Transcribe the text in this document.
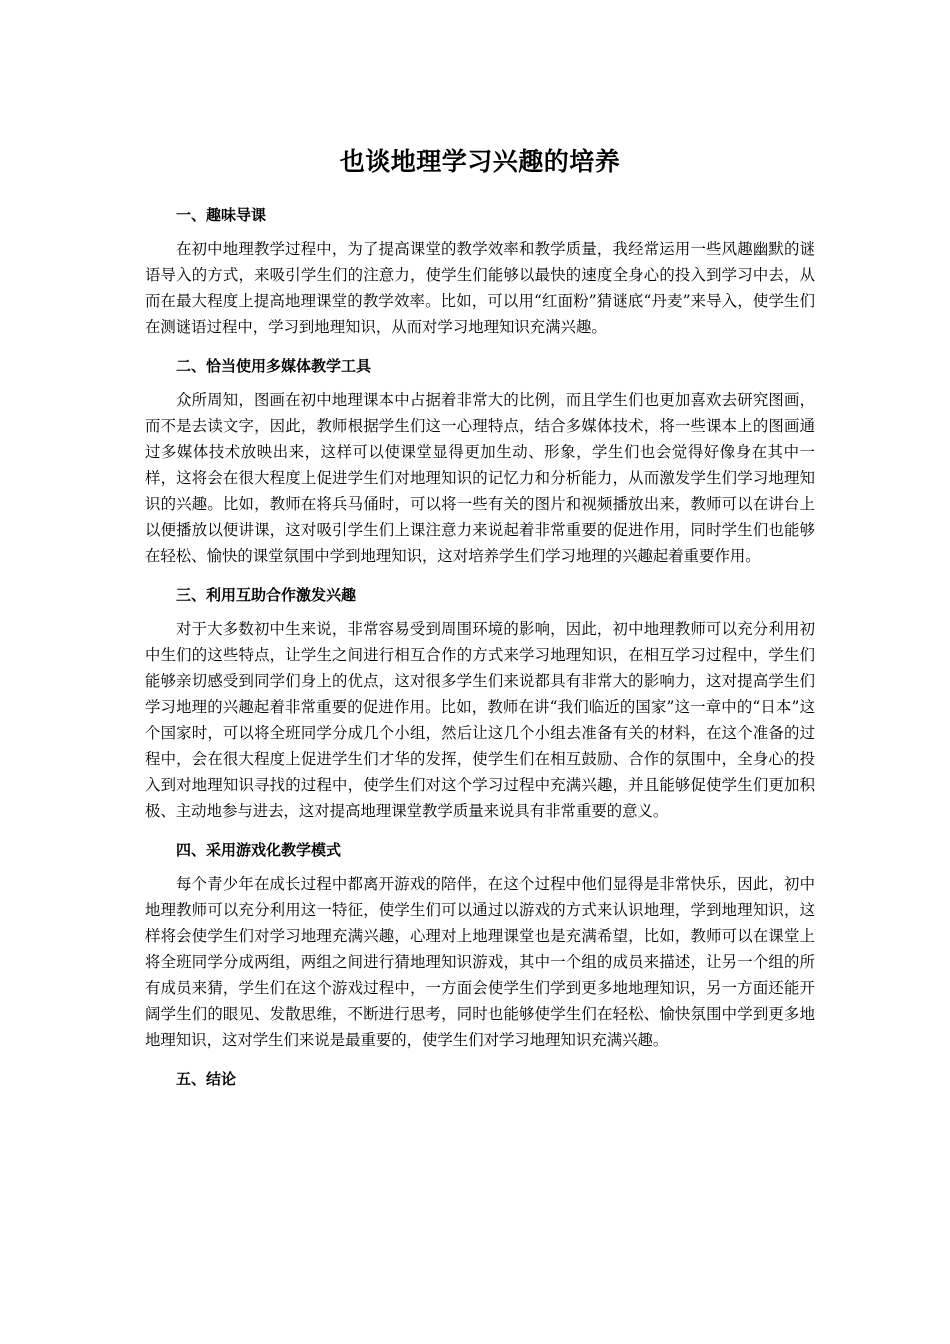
也谈地理学习兴趣的培养
一、趣味导课

在初中地理教学过程中，为了提高课堂的教学效率和教学质量，我经常运用一些风趣幽默的谜语导入的方式，来吸引学生们的注意力，使学生们能够以最快的速度全身心的投入到学习中去，从而在最大程度上提高地理课堂的教学效率。比如，可以用“红面粉”猜谜底“丹麦”来导入，使学生们在测谜语过程中，学习到地理知识，从而对学习地理知识充满兴趣。

二、恰当使用多媒体教学工具

众所周知，图画在初中地理课本中占据着非常大的比例，而且学生们也更加喜欢去研究图画，而不是去读文字，因此，教师根据学生们这一心理特点，结合多媒体技术，将一些课本上的图画通过多媒体技术放映出来，这样可以使课堂显得更加生动、形象，学生们也会觉得好像身在其中一样，这将会在很大程度上促进学生们对地理知识的记忆力和分析能力，从而激发学生们学习地理知识的兴趣。比如，教师在将兵马俑时，可以将一些有关的图片和视频播放出来，教师可以在讲台上以便播放以便讲课，这对吸引学生们上课注意力来说起着非常重要的促进作用，同时学生们也能够在轻松、愉快的课堂氛围中学到地理知识，这对培养学生们学习地理的兴趣起着重要作用。

三、利用互助合作激发兴趣

对于大多数初中生来说，非常容易受到周围环境的影响，因此，初中地理教师可以充分利用初中生们的这些特点，让学生之间进行相互合作的方式来学习地理知识，在相互学习过程中，学生们能够亲切感受到同学们身上的优点，这对很多学生们来说都具有非常大的影响力，这对提高学生们学习地理的兴趣起着非常重要的促进作用。比如，教师在讲“我们临近的国家”这一章中的“日本”这个国家时，可以将全班同学分成几个小组，然后让这几个小组去准备有关的材料，在这个准备的过程中，会在很大程度上促进学生们才华的发挥，使学生们在相互鼓励、合作的氛围中，全身心的投入到对地理知识寻找的过程中，使学生们对这个学习过程中充满兴趣，并且能够促使学生们更加积极、主动地参与进去，这对提高地理课堂教学质量来说具有非常重要的意义。

四、采用游戏化教学模式

每个青少年在成长过程中都离开游戏的陪伴，在这个过程中他们显得是非常快乐，因此，初中地理教师可以充分利用这一特征，使学生们可以通过以游戏的方式来认识地理，学到地理知识，这样将会使学生们对学习地理充满兴趣，心理对上地理课堂也是充满希望，比如，教师可以在课堂上将全班同学分成两组，两组之间进行猜地理知识游戏，其中一个组的成员来描述，让另一个组的所有成员来猜，学生们在这个游戏过程中，一方面会使学生们学到更多地地理知识，另一方面还能开阔学生们的眼见、发散思维，不断进行思考，同时也能够使学生们在轻松、愉快氛围中学到更多地地理知识，这对学生们来说是最重要的，使学生们对学习地理知识充满兴趣。

五、结论
